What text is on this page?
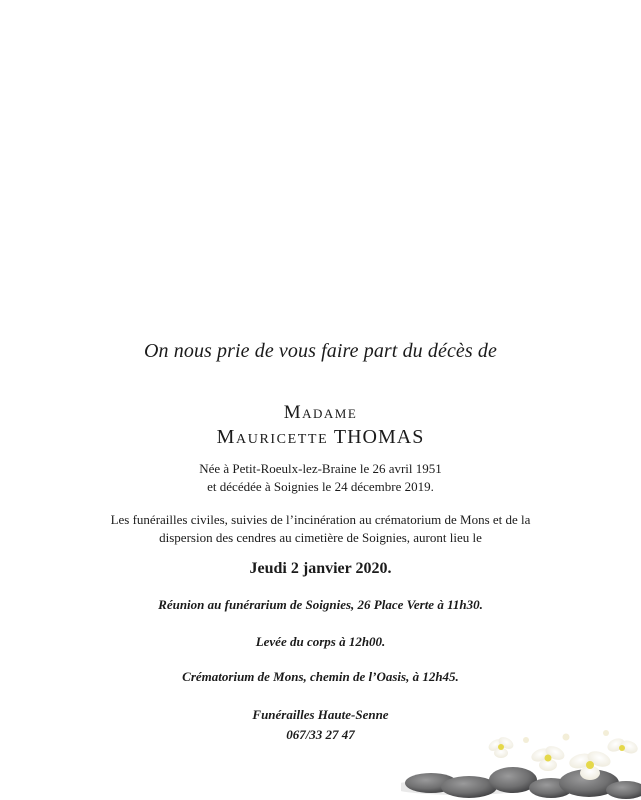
On nous prie de vous faire part du décès de
Madame
Mauricette THOMAS
Née à Petit-Roeulx-lez-Braine le 26 avril 1951
et décédée à Soignies le 24 décembre 2019.
Les funérailles civiles, suivies de l’incinération au crématorium de Mons et de la
dispersion des cendres au cimetière de Soignies, auront lieu le
Jeudi 2 janvier 2020.
Réunion au funérarium de Soignies, 26 Place Verte à 11h30.
Levée du corps à 12h00.
Crématorium de Mons, chemin de l’Oasis, à 12h45.
Funérailles Haute-Senne
067/33 27 47
